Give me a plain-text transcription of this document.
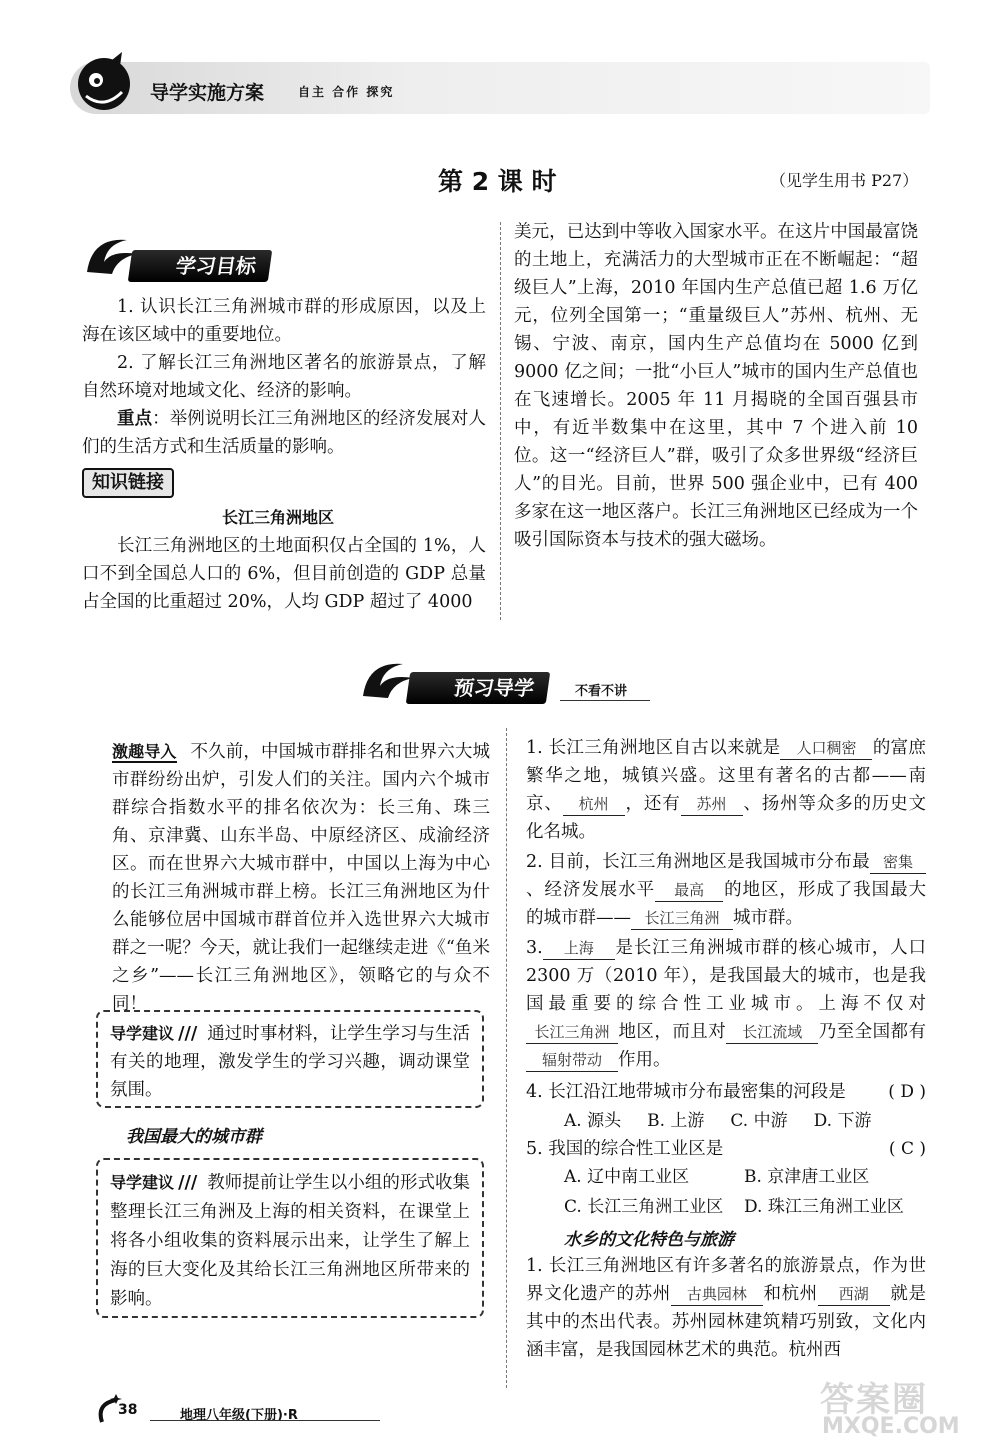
导学实施方案	自主 合作 探究
第 2 课 时	（见学生用书 P27）
学习目标

1. 认识长江三角洲城市群的形成原因，以及上海在该区域中的重要地位。

2. 了解长江三角洲地区著名的旅游景点，了解自然环境对地域文化、经济的影响。

重点：举例说明长江三角洲地区的经济发展对人们的生活方式和生活质量的影响。

知识链接
长江三角洲地区

长江三角洲地区的土地面积仅占全国的 1%，人口不到全国总人口的 6%，但目前创造的 GDP 总量占全国的比重超过 20%，人均 GDP 超过了 4000

美元，已达到中等收入国家水平。在这片中国最富饶的土地上，充满活力的大型城市正在不断崛起：“超级巨人”上海，2010 年国内生产总值已超 1.6 万亿元，位列全国第一；“重量级巨人”苏州、杭州、无锡、宁波、南京，国内生产总值均在 5000 亿到 9000 亿之间；一批“小巨人”城市的国内生产总值也在飞速增长。2005 年 11 月揭晓的全国百强县市中，有近半数集中在这里，其中 7 个进入前 10 位。这一“经济巨人”群，吸引了众多世界级“经济巨人”的目光。目前，世界 500 强企业中，已有 400 多家在这一地区落户。长江三角洲地区已经成为一个吸引国际资本与技术的强大磁场。

预习导学	不看不讲

激趣导入 不久前，中国城市群排名和世界六大城市群纷纷出炉，引发人们的关注。国内六个城市群综合指数水平的排名依次为：长三角、珠三角、京津冀、山东半岛、中原经济区、成渝经济区。而在世界六大城市群中，中国以上海为中心的长江三角洲城市群上榜。长江三角洲地区为什么能够位居中国城市群首位并入选世界六大城市群之一呢？今天，就让我们一起继续走进《“鱼米之乡”——长江三角洲地区》，领略它的与众不同！

导学建议 /// 通过时事材料，让学生学习与生活有关的地理，激发学生的学习兴趣，调动课堂氛围。

我国最大的城市群

导学建议 /// 教师提前让学生以小组的形式收集整理长江三角洲及上海的相关资料，在课堂上将各小组收集的资料展示出来，让学生了解上海的巨大变化及其给长江三角洲地区所带来的影响。

1. 长江三角洲地区自古以来就是 人口稠密 的富庶繁华之地，城镇兴盛。这里有著名的古都——南京、 杭州 ，还有 苏州 、扬州等众多的历史文化名城。

2. 目前，长江三角洲地区是我国城市分布最 密集、经济发展水平 最高 的地区，形成了我国最大的城市群—— 长江三角洲 城市群。

3. 上海 是长江三角洲城市群的核心城市，人口 2300 万（2010 年），是我国最大的城市，也是我国最重要的综合性工业城市。上海不仅对长江三角洲 地区，而且对 长江流域 乃至全国都有辐射带动 作用。

4. 长江沿江地带城市分布最密集的河段是	( D )
A. 源头 B. 上游 C. 中游 D. 下游

5. 我国的综合性工业区是	( C )
A. 辽中南工业区	B. 京津唐工业区
C. 长江三角洲工业区	D. 珠江三角洲工业区
水乡的文化特色与旅游

1. 长江三角洲地区有许多著名的旅游景点，作为世界文化遗产的苏州 古典园林 和杭州 西湖 就是其中的杰出代表。苏州园林建筑精巧别致，文化内涵丰富，是我国园林艺术的典范。杭州西

38	地理八年级(下册)·R	答案圈
MXQE.COM
